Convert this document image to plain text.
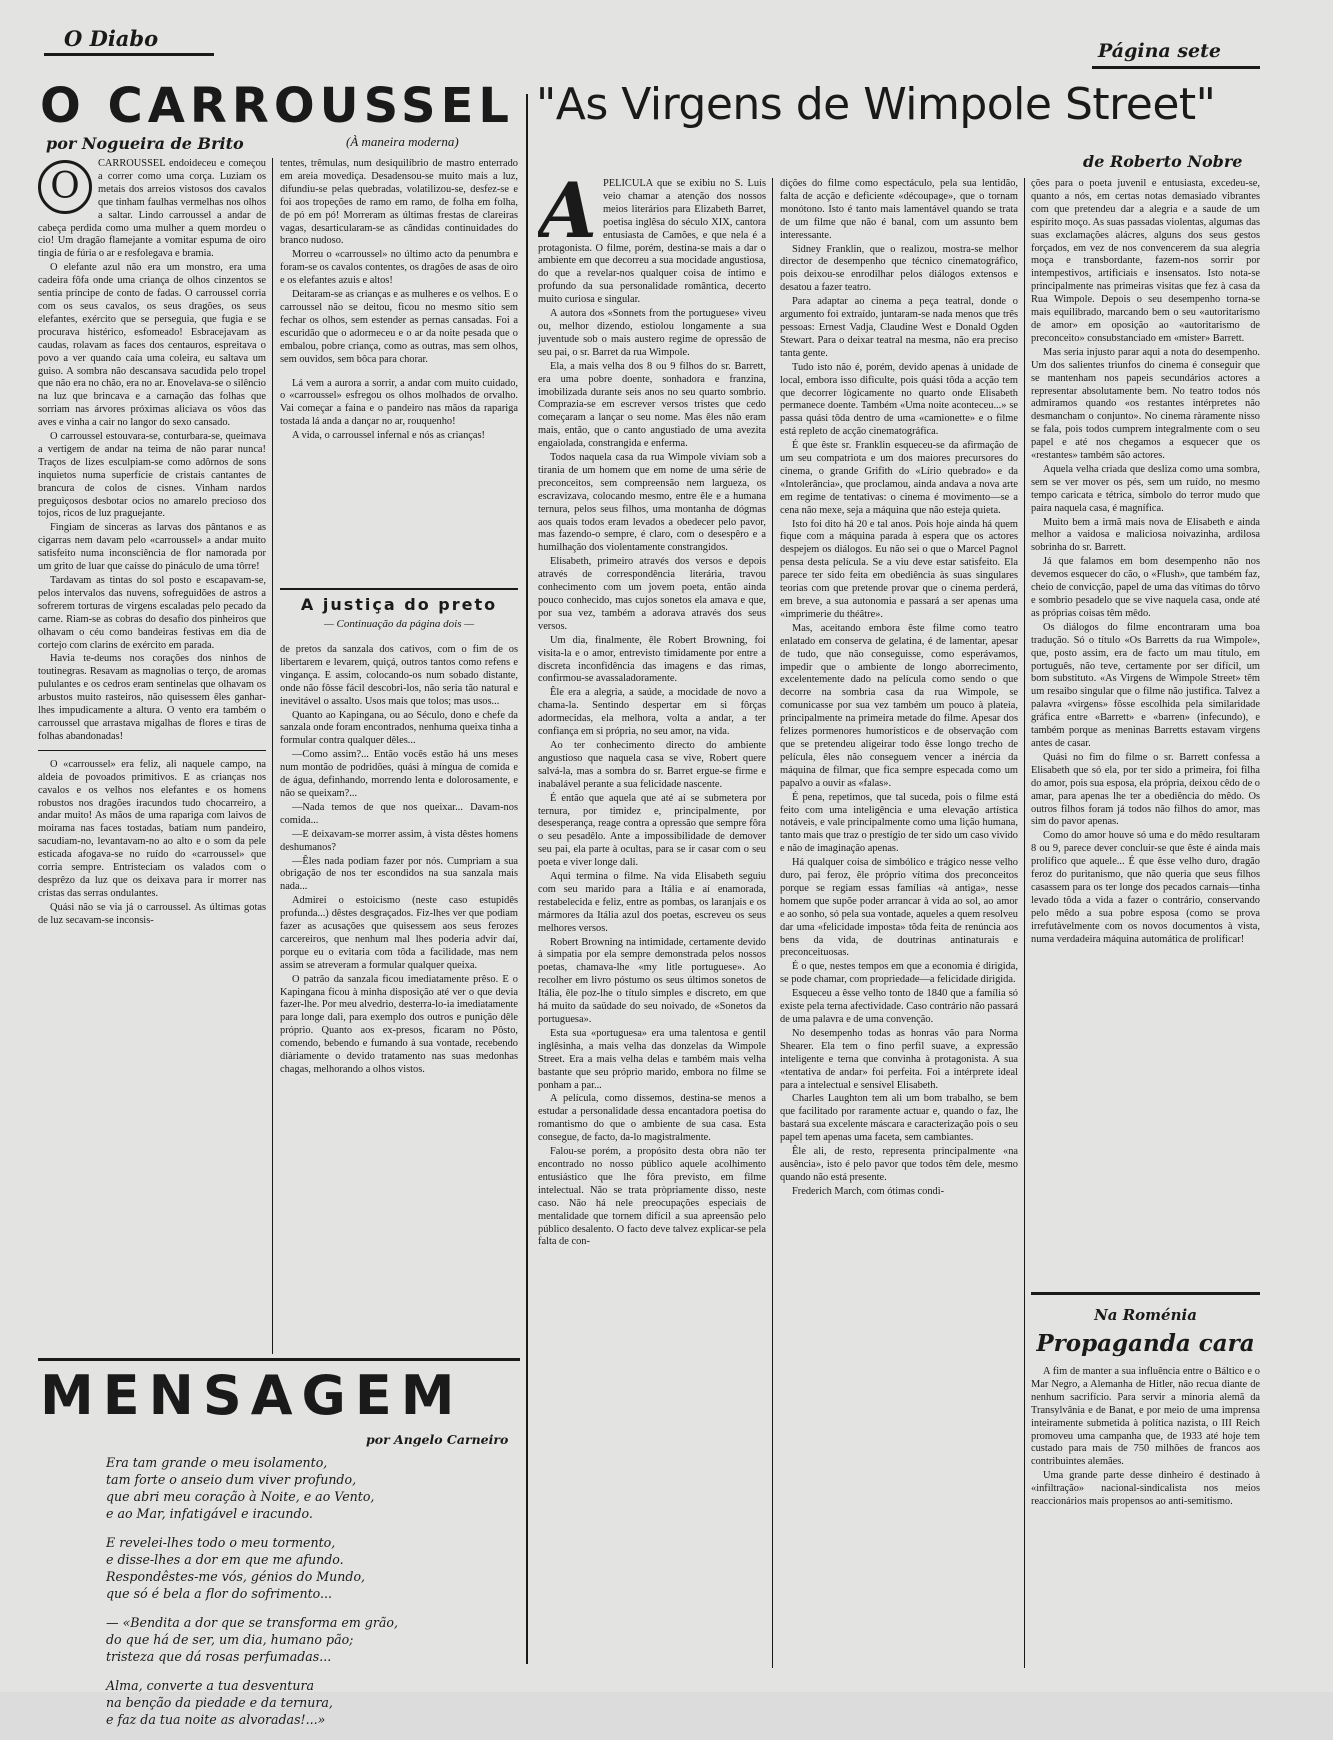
O Diabo	Página sete
O CARROUSSEL
por Nogueira de Brito	(À maneira moderna)
O

CARROUSSEL endoideceu e começou a correr como uma corça. Luziam os metais dos arreios vistosos dos cavalos que tinham faulhas vermelhas nos olhos a saltar. Lindo carroussel a andar de cabeça perdida como uma mulher a quem mordeu o cio! Um dragão flamejante a vomitar espuma de oiro tingia de fúria o ar e resfolegava e bramia.

O elefante azul não era um monstro, era uma cadeira fôfa onde uma criança de olhos cinzentos se sentia príncipe de conto de fadas. O carroussel corria com os seus cavalos, os seus dragões, os seus elefantes, exército que se perseguia, que fugia e se procurava histérico, esfomeado! Esbracejavam as caudas, rolavam as faces dos centauros, espreitava o povo a ver quando caía uma coleira, eu saltava um guiso. A sombra não descansava sacudida pelo tropel que não era no chão, era no ar. Enovelava-se o silêncio na luz que brincava e a carnação das folhas que sorriam nas árvores próximas aliciava os vôos das aves e vinha a cair no langor do sexo cansado.

O carroussel estouvara-se, conturbara-se, queimava a vertigem de andar na teima de não parar nunca! Traços de lizes esculpiam-se como adôrnos de sons inquietos numa superfície de cristais cantantes de brancura de colos de cisnes. Vinham nardos preguiçosos desbotar ocios no amarelo precioso dos tojos, ricos de luz praguejante.

Fingiam de sinceras as larvas dos pântanos e as cigarras nem davam pelo «carroussel» a andar muito satisfeito numa inconsciência de flor namorada por um grito de luar que caísse do pináculo de uma tôrre!

Tardavam as tintas do sol posto e escapavam-se, pelos intervalos das nuvens, sofreguidões de astros a sofrerem torturas de virgens escaladas pelo pecado da carne. Riam-se as cobras do desafio dos pinheiros que olhavam o céu como bandeiras festivas em dia de cortejo com clarins de exército em parada.

Havia te-deums nos corações dos ninhos de toutinegras. Resavam as magnolias o terço, de aromas pululantes e os cedros eram sentinelas que olhavam os arbustos muito rasteiros, não quisessem êles ganhar-lhes impudicamente a altura. O vento era também o carroussel que arrastava migalhas de flores e tiras de folhas abandonadas!

O «carroussel» era feliz, ali naquele campo, na aldeia de povoados primitivos. E as crianças nos cavalos e os velhos nos elefantes e os homens robustos nos dragões iracundos tudo chocarreiro, a andar muito! As mãos de uma rapariga com laivos de moirama nas faces tostadas, batiam num pandeiro, sacudiam-no, levantavam-no ao alto e o som da pele esticada afogava-se no ruído do «carroussel» que corria sempre. Entristeciam os valados com o desprêzo da luz que os deixava para ir morrer nas cristas das serras ondulantes.

Quási não se via já o carroussel. As últimas gotas de luz secavam-se inconsis-

tentes, trêmulas, num desiquilíbrio de mastro enterrado em areia movediça. Desadensou-se muito mais a luz, difundiu-se pelas quebradas, volatilizou-se, desfez-se e foi aos tropeções de ramo em ramo, de folha em folha, de pó em pó! Morreram as últimas frestas de clareiras vagas, desarticularam-se as cândidas continuidades do branco nudoso.

Morreu o «carroussel» no último acto da penumbra e foram-se os cavalos contentes, os dragões de asas de oiro e os elefantes azuis e altos!

Deitaram-se as crianças e as mulheres e os velhos. E o carroussel não se deitou, ficou no mesmo sítio sem fechar os olhos, sem estender as pernas cansadas. Foi a escuridão que o adormeceu e o ar da noite pesada que o embalou, pobre criança, como as outras, mas sem olhos, sem ouvidos, sem bôca para chorar.

Lá vem a aurora a sorrir, a andar com muito cuidado, o «carroussel» esfregou os olhos molhados de orvalho. Vai começar a faina e o pandeiro nas mãos da rapariga tostada lá anda a dançar no ar, rouquenho!

A vida, o carroussel infernal e nós as crianças!

A justiça do preto
— Continuação da página dois —

de pretos da sanzala dos cativos, com o fim de os libertarem e levarem, quiçá, outros tantos como refens e vingança. E assim, colocando-os num sobado distante, onde não fôsse fácil descobri-los, não seria tão natural e inevitável o assalto. Usos mais que tolos; mas usos...

Quanto ao Kapingana, ou ao Século, dono e chefe da sanzala onde foram encontrados, nenhuma queixa tinha a formular contra qualquer dêles...

—Como assim?... Então vocês estão há uns meses num montão de podridões, quási à míngua de comida e de água, definhando, morrendo lenta e dolorosamente, e não se queixam?...

—Nada temos de que nos queixar... Davam-nos comida...

—E deixavam-se morrer assim, à vista dêstes homens deshumanos?

—Êles nada podiam fazer por nós. Cumpriam a sua obrigação de nos ter escondidos na sua sanzala mais nada...

Admirei o estoicismo (neste caso estupidês profunda...) dêstes desgraçados. Fiz-lhes ver que podiam fazer as acusações que quisessem aos seus ferozes carcereiros, que nenhum mal lhes poderia advir daí, porque eu o evitaria com tôda a facilidade, mas nem assim se atreveram a formular qualquer queixa.

O patrão da sanzala ficou imediatamente prêso. E o Kapingana ficou à minha disposição até ver o que devia fazer-lhe. Por meu alvedrio, desterra-lo-ia imediatamente para longe dali, para exemplo dos outros e punição dêle próprio. Quanto aos ex-presos, ficaram no Pôsto, comendo, bebendo e fumando à sua vontade, recebendo diàriamente o devido tratamento nas suas medonhas chagas, melhorando a olhos vistos.

MENSAGEM
por Angelo Carneiro
Era tam grande o meu isolamento,
tam forte o anseio dum viver profundo,
que abri meu coração à Noite, e ao Vento,
e ao Mar, infatigável e iracundo.
E revelei-lhes todo o meu tormento,
e disse-lhes a dor em que me afundo.
Respondêstes-me vós, génios do Mundo,
que só é bela a flor do sofrimento...
— «Bendita a dor que se transforma em grão,
do que há de ser, um dia, humano pão;
tristeza que dá rosas perfumadas...
Alma, converte a tua desventura
na benção da piedade e da ternura,
e faz da tua noite as alvoradas!...»
"As Virgens de Wimpole Street"
de Roberto Nobre
A PELÍCULA que se exibiu no S. Luís veio chamar a atenção dos nossos meios literários para Elizabeth Barret, poetisa inglêsa do século XIX, cantora entusiasta de Camões, e que nela é a protagonista. O filme, porém, destina-se mais a dar o ambiente em que decorreu a sua mocidade angustiosa, do que a revelar-nos qualquer coisa de íntimo e profundo da sua personalidade romântica, decerto muito curiosa e singular.

A autora dos «Sonnets from the portuguese» viveu ou, melhor dizendo, estiolou longamente a sua juventude sob o mais austero regime de opressão de seu pai, o sr. Barret da rua Wimpole.

Ela, a mais velha dos 8 ou 9 filhos do sr. Barrett, era uma pobre doente, sonhadora e franzina, imobilizada durante seis anos no seu quarto sombrio. Comprazia-se em escrever versos tristes que cedo começaram a lançar o seu nome. Mas êles não eram mais, então, que o canto angustiado de uma avezita engaiolada, constrangida e enferma.

Todos naquela casa da rua Wimpole viviam sob a tirania de um homem que em nome de uma série de preconceitos, sem compreensão nem largueza, os escravizava, colocando mesmo, entre êle e a humana ternura, pelos seus filhos, uma montanha de dógmas aos quais todos eram levados a obedecer pelo pavor, mas fazendo-o sempre, é claro, com o desespêro e a humilhação dos violentamente constrangidos.

Elisabeth, primeiro através dos versos e depois através de correspondência literária, travou conhecimento com um jovem poeta, então ainda pouco conhecido, mas cujos sonetos ela amava e que, por sua vez, também a adorava através dos seus versos.

Um dia, finalmente, êle Robert Browning, foi visita-la e o amor, entrevisto timidamente por entre a discreta inconfidência das imagens e das rimas, confirmou-se avassaladoramente.

Êle era a alegria, a saúde, a mocidade de novo a chama-la. Sentindo despertar em si fôrças adormecidas, ela melhora, volta a andar, a ter confiança em si própria, no seu amor, na vida.

Ao ter conhecimento directo do ambiente angustioso que naquela casa se vive, Robert quere salvá-la, mas a sombra do sr. Barret ergue-se firme e inabalável perante a sua felicidade nascente.

É então que aquela que até aí se submetera por ternura, por timidez e, principalmente, por desesperança, reage contra a opressão que sempre fôra o seu pesadêlo. Ante a impossibilidade de demover seu pai, ela parte à ocultas, para se ir casar com o seu poeta e viver longe dali.

Aqui termina o filme. Na vida Elisabeth seguiu com seu marido para a Itália e aí enamorada, restabelecida e feliz, entre as pombas, os laranjais e os mármores da Itália azul dos poetas, escreveu os seus melhores versos.

Robert Browning na intimidade, certamente devido à simpatia por ela sempre demonstrada pelos nossos poetas, chamava-lhe «my litle portuguese». Ao recolher em livro póstumo os seus últimos sonetos de Itália, êle poz-lhe o título simples e discreto, em que há muito da saüdade do seu noivado, de «Sonetos da portuguesa».

Esta sua «portuguesa» era uma talentosa e gentil inglêsinha, a mais velha das donzelas da Wimpole Street. Era a mais velha delas e também mais velha bastante que seu próprio marido, embora no filme se ponham a par...

A película, como dissemos, destina-se menos a estudar a personalidade dessa encantadora poetisa do romantismo do que o ambiente de sua casa. Esta consegue, de facto, da-lo magistralmente.

Falou-se porém, a propósito desta obra não ter encontrado no nosso público aquele acolhimento entusiástico que lhe fôra previsto, em filme intelectual. Não se trata pròpriamente disso, neste caso. Não há nele preocupações especiais de mentalidade que tornem difícil a sua apreensão pelo público desalento. O facto deve talvez explicar-se pela falta de con-

dições do filme como espectáculo, pela sua lentidão, falta de acção e deficiente «découpage», que o tornam monótono. Isto é tanto mais lamentável quando se trata de um filme que não é banal, com um assunto bem interessante.

Sidney Franklin, que o realizou, mostra-se melhor director de desempenho que técnico cinematográfico, pois deixou-se enrodilhar pelos diálogos extensos e desatou a fazer teatro.

Para adaptar ao cinema a peça teatral, donde o argumento foi extraído, juntaram-se nada menos que três pessoas: Ernest Vadja, Claudine West e Donald Ogden Stewart. Para o deixar teatral na mesma, não era preciso tanta gente.

Tudo isto não é, porém, devido apenas à unidade de local, embora isso dificulte, pois quási tôda a acção tem que decorrer lògicamente no quarto onde Elisabeth permanece doente. Também «Uma noite aconteceu...» se passa quási tôda dentro de uma «camionette» e o filme está repleto de acção cinematográfica.

É que êste sr. Franklin esqueceu-se da afirmação de um seu compatriota e um dos maiores precursores do cinema, o grande Grifith do «Lírio quebrado» e da «Intolerância», que proclamou, ainda andava a nova arte em regime de tentativas: o cinema é movimento—se a cena não mexe, seja a máquina que não esteja quieta.

Isto foi dito há 20 e tal anos. Pois hoje ainda há quem fique com a máquina parada à espera que os actores despejem os diálogos. Eu não sei o que o Marcel Pagnol pensa desta película. Se a viu deve estar satisfeito. Ela parece ter sido feita em obediência às suas singulares teorias com que pretende provar que o cinema perderá, em breve, a sua autonomia e passará a ser apenas uma «imprimerie du théâtre».

Mas, aceitando embora êste filme como teatro enlatado em conserva de gelatina, é de lamentar, apesar de tudo, que não conseguisse, como esperávamos, impedir que o ambiente de longo aborrecimento, excelentemente dado na película como sendo o que decorre na sombria casa da rua Wimpole, se comunicasse por sua vez também um pouco à plateia, principalmente na primeira metade do filme. Apesar dos felizes pormenores humorísticos e de observação com que se pretendeu aligeirar todo êsse longo trecho de película, êles não conseguem vencer a inércia da máquina de filmar, que fica sempre especada como um papalvo a ouvir as «falas».

É pena, repetimos, que tal suceda, pois o filme está feito com uma inteligência e uma elevação artística notáveis, e vale principalmente como uma lição humana, tanto mais que traz o prestígio de ter sido um caso vivido e não de imaginação apenas.

Há qualquer coisa de simbólico e trágico nesse velho duro, pai feroz, êle próprio vítima dos preconceitos porque se regiam essas famílias «à antiga», nesse homem que supõe poder arrancar à vida ao sol, ao amor e ao sonho, só pela sua vontade, aqueles a quem resolveu dar uma «felicidade imposta» tôda feita de renúncia aos bens da vida, de doutrinas antinaturais e preconceituosas.

É o que, nestes tempos em que a economia é dirigida, se pode chamar, com propriedade—a felicidade dirigida.

Esqueceu a êsse velho tonto de 1840 que a família só existe pela terna afectividade. Caso contrário não passará de uma palavra e de uma convenção.

No desempenho todas as honras vão para Norma Shearer. Ela tem o fino perfil suave, a expressão inteligente e terna que convinha à protagonista. A sua «tentativa de andar» foi perfeita. Foi a intérprete ideal para a intelectual e sensível Elisabeth.

Charles Laughton tem ali um bom trabalho, se bem que facilitado por raramente actuar e, quando o faz, lhe bastará sua excelente máscara e caracterização pois o seu papel tem apenas uma faceta, sem cambiantes.

Êle ali, de resto, representa principalmente «na ausência», isto é pelo pavor que todos têm dele, mesmo quando não está presente.

Frederich March, com ótimas condi-

ções para o poeta juvenil e entusiasta, excedeu-se, quanto a nós, em certas notas demasiado vibrantes com que pretendeu dar a alegria e a saude de um espírito moço. As suas passadas violentas, algumas das suas exclamações alácres, alguns dos seus gestos forçados, em vez de nos convencerem da sua alegria moça e transbordante, fazem-nos sorrir por intempestivos, artificiais e insensatos. Isto nota-se principalmente nas primeiras visitas que fez à casa da Rua Wimpole. Depois o seu desempenho torna-se mais equilibrado, marcando bem o seu «autoritarismo de amor» em oposição ao «autoritarismo de preconceito» consubstanciado em «mister» Barrett.

Mas seria injusto parar aqui a nota do desempenho. Um dos salientes triunfos do cinema é conseguir que se mantenham nos papeis secundários actores a representar absolutamente bem. No teatro todos nós admiramos quando «os restantes intérpretes não desmancham o conjunto». No cinema ràramente nisso se fala, pois todos cumprem integralmente com o seu papel e até nos chegamos a esquecer que os «restantes» também são actores.

Aquela velha criada que desliza como uma sombra, sem se ver mover os pés, sem um ruído, no mesmo tempo caricata e tétrica, símbolo do terror mudo que paira naquela casa, é magnífica.

Muito bem a irmã mais nova de Elisabeth e ainda melhor a vaidosa e maliciosa noivazinha, ardilosa sobrinha do sr. Barrett.

Já que falamos em bom desempenho não nos devemos esquecer do cão, o «Flush», que também faz, cheio de convicção, papel de uma das vítimas do tôrvo e sombrio pesadelo que se vive naquela casa, onde até as próprias coisas têm mêdo.

Os diálogos do filme encontraram uma boa tradução. Só o título «Os Barretts da rua Wimpole», que, posto assim, era de facto um mau título, em português, não teve, certamente por ser difícil, um bom substituto. «As Virgens de Wimpole Street» têm um resaibo singular que o filme não justifica. Talvez a palavra «virgens» fôsse escolhida pela similaridade gráfica entre «Barrett» e «barren» (infecundo), e também porque as meninas Barretts estavam virgens antes de casar.

Quási no fim do filme o sr. Barrett confessa a Elisabeth que só ela, por ter sido a primeira, foi filha do amor, pois sua esposa, ela própria, deixou cêdo de o amar, para apenas lhe ter a obediência do mêdo. Os outros filhos foram já todos não filhos do amor, mas sim do pavor apenas.

Como do amor houve só uma e do mêdo resultaram 8 ou 9, parece dever concluir-se que êste é ainda mais prolífico que aquele... É que êsse velho duro, dragão feroz do puritanismo, que não queria que seus filhos casassem para os ter longe dos pecados carnais—tinha levado tôda a vida a fazer o contrário, conservando pelo mêdo a sua pobre esposa (como se prova irrefutàvelmente com os novos documentos à vista, numa verdadeira máquina automática de prolificar!

Na Roménia
Propaganda cara

A fim de manter a sua influência entre o Báltico e o Mar Negro, a Alemanha de Hitler, não recua diante de nenhum sacrifício. Para servir a minoria alemã da Transylvânia e de Banat, e por meio de uma imprensa inteiramente submetida à política nazista, o III Reich promoveu uma campanha que, de 1933 até hoje tem custado para mais de 750 milhões de francos aos contribuintes alemães.

Uma grande parte desse dinheiro é destinado à «infiltração» nacional-sindicalista nos meios reaccionários mais propensos ao anti-semitismo.
